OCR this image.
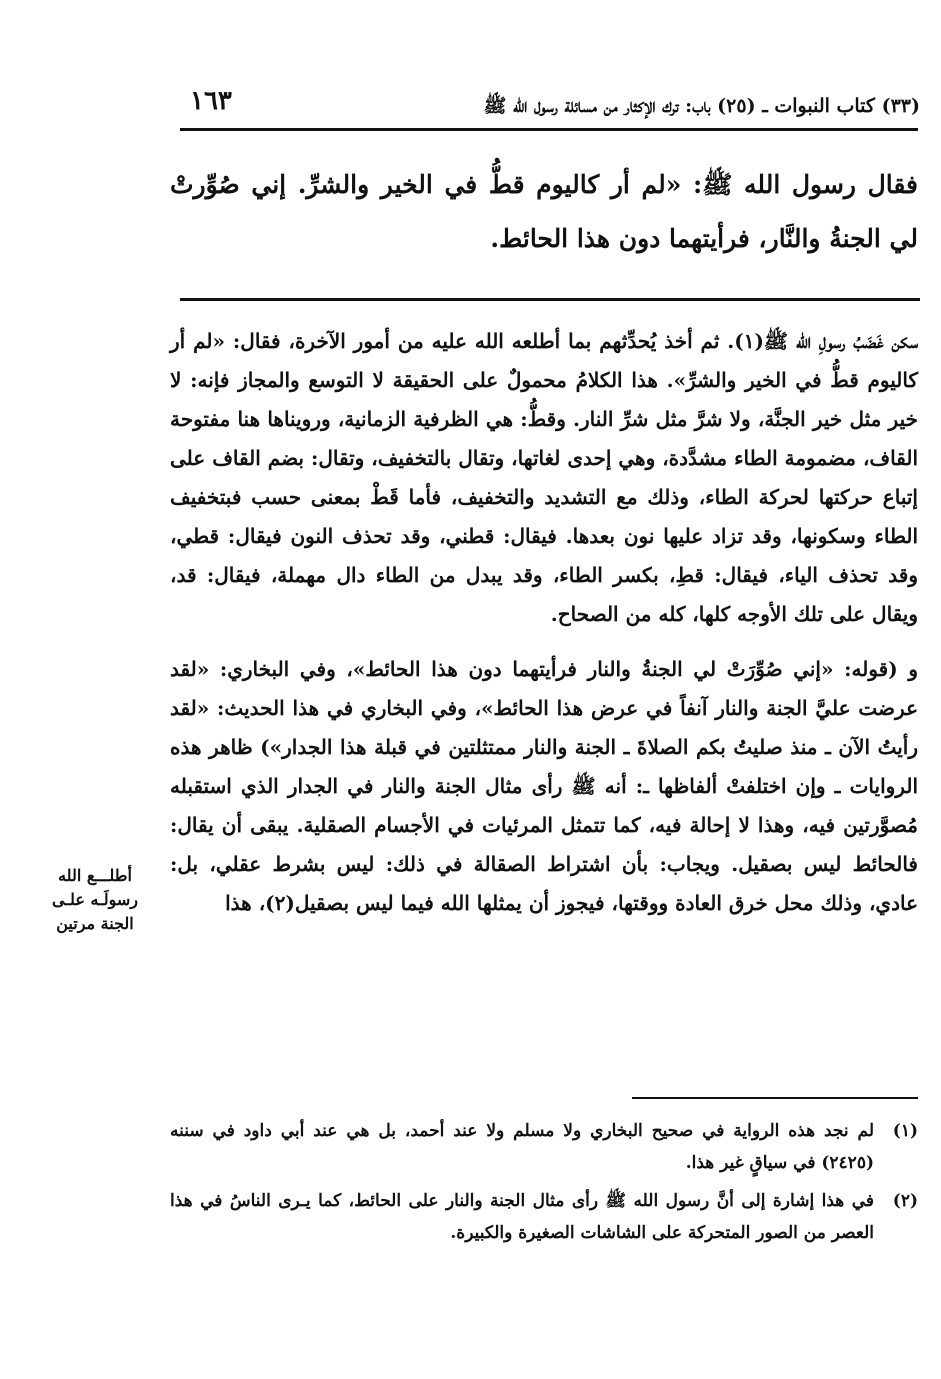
(٣٣) كتاب النبوات ـ (٢٥) باب: ترك الإكثار من مسائلة رسول الله ﷺ
١٦٣
فقال رسول الله ﷺ: «لم أر كاليوم قطُّ في الخير والشرِّ. إني صُوِّرتْ لي الجنةُ والنَّار، فرأيتهما دون هذا الحائط.

سكن غَضَبُ رسولِ الله ﷺ(١). ثم أخذ يُحدِّثهم بما أطلعه الله عليه من أمور الآخرة، فقال: «لم أر كاليوم قطُّ في الخير والشرِّ». هذا الكلامُ محمولٌ على الحقيقة لا التوسع والمجاز فإنه: لا خير مثل خير الجنَّة، ولا شرَّ مثل شرِّ النار. وقطُّ: هي الظرفية الزمانية، ورويناها هنا مفتوحة القاف، مضمومة الطاء مشدَّدة، وهي إحدى لغاتها، وتقال بالتخفيف، وتقال: بضم القاف على إتباع حركتها لحركة الطاء، وذلك مع التشديد والتخفيف، فأما قَطْ بمعنى حسب فبتخفيف الطاء وسكونها، وقد تزاد عليها نون بعدها. فيقال: قطني، وقد تحذف النون فيقال: قطي، وقد تحذف الياء، فيقال: قطِ، بكسر الطاء، وقد يبدل من الطاء دال مهملة، فيقال: قد، ويقال على تلك الأوجه كلها، كله من الصحاح.

و (قوله: «إني صُوِّرَتْ لي الجنةُ والنار فرأيتهما دون هذا الحائط»، وفي البخاري: «لقد عرضت عليَّ الجنة والنار آنفاً في عرض هذا الحائط»، وفي البخاري في هذا الحديث: «لقد رأيتُ الآن ـ منذ صليتُ بكم الصلاةَ ـ الجنة والنار ممتثلتين في قبلة هذا الجدار») ظاهر هذه الروايات ـ وإن اختلفتْ ألفاظها ـ: أنه ﷺ رأى مثال الجنة والنار في الجدار الذي استقبله مُصوَّرتين فيه، وهذا لا إحالة فيه، كما تتمثل المرئيات في الأجسام الصقلية. يبقى أن يقال: فالحائط ليس بصقيل. ويجاب: بأن اشتراط الصقالة في ذلك: ليس بشرط عقلي، بل: عادي، وذلك محل خرق العادة ووقتها، فيجوز أن يمثلها الله فيما ليس بصقيل(٢)، هذا

أطلـــع الله
رسولَـه علـى
الجنة مرتين
(١)
لم نجد هذه الرواية في صحيح البخاري ولا مسلم ولا عند أحمد، بل هي عند أبي داود في سننه (٢٤٢٥) في سياقٍ غير هذا.
(٢)
في هذا إشارة إلى أنَّ رسول الله ﷺ رأى مثال الجنة والنار على الحائط، كما يـرى الناسُ في هذا العصر من الصور المتحركة على الشاشات الصغيرة والكبيرة.
